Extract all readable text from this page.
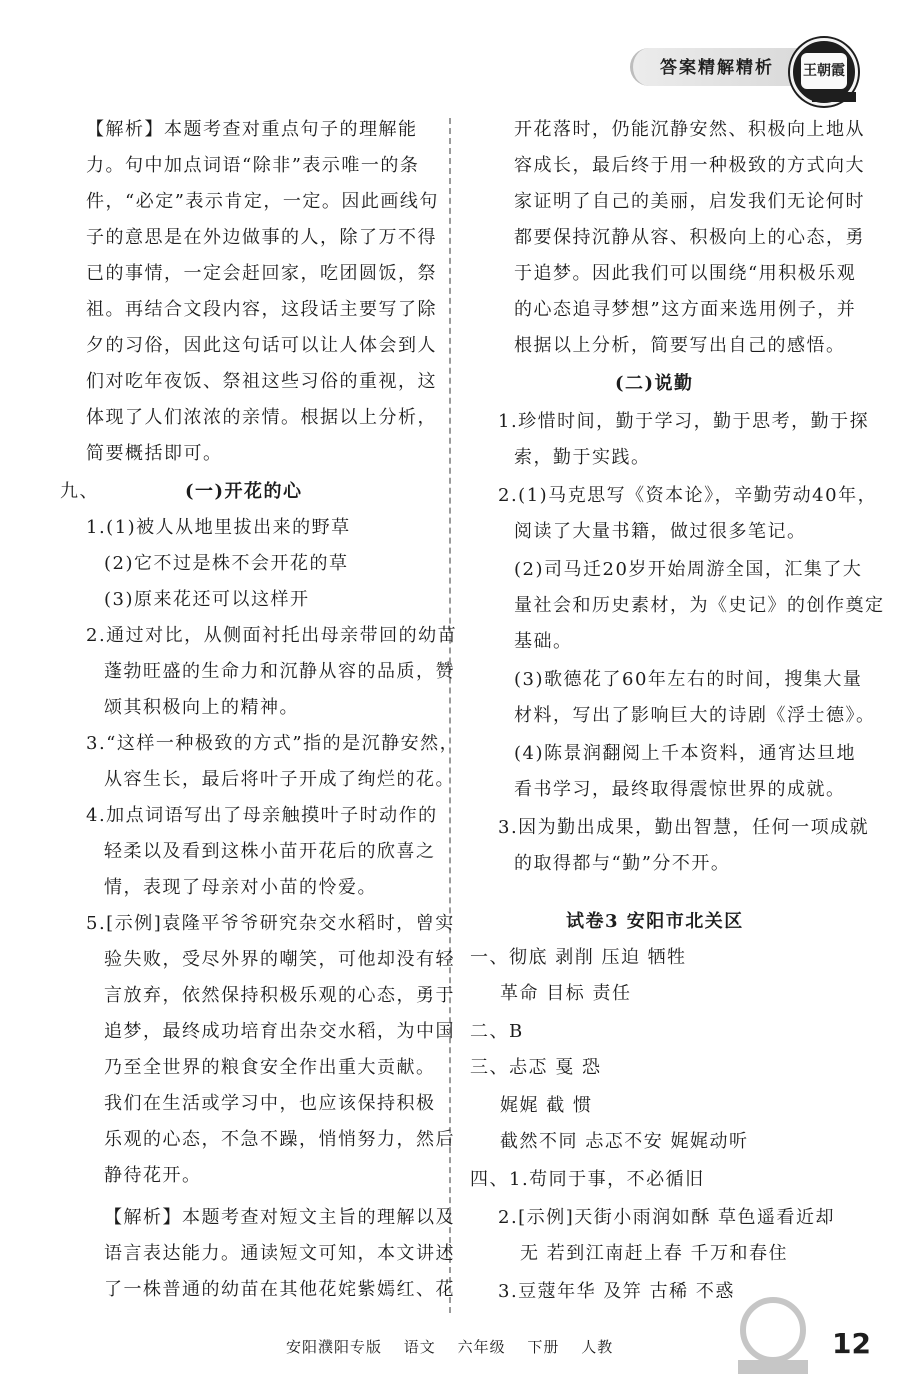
答案精解精析	王朝霞
【解析】本题考查对重点句子的理解能
力。句中加点词语“除非”表示唯一的条
件，“必定”表示肯定，一定。因此画线句
子的意思是在外边做事的人，除了万不得
已的事情，一定会赶回家，吃团圆饭，祭
祖。再结合文段内容，这段话主要写了除
夕的习俗，因此这句话可以让人体会到人
们对吃年夜饭、祭祖这些习俗的重视，这
体现了人们浓浓的亲情。根据以上分析，
简要概括即可。
九、	(一)开花的心
1.(1)被人从地里拔出来的野草
(2)它不过是株不会开花的草
(3)原来花还可以这样开
2.通过对比，从侧面衬托出母亲带回的幼苗
蓬勃旺盛的生命力和沉静从容的品质，赞
颂其积极向上的精神。
3.“这样一种极致的方式”指的是沉静安然，
从容生长，最后将叶子开成了绚烂的花。
4.加点词语写出了母亲触摸叶子时动作的
轻柔以及看到这株小苗开花后的欣喜之
情，表现了母亲对小苗的怜爱。
5.[示例]袁隆平爷爷研究杂交水稻时，曾实
验失败，受尽外界的嘲笑，可他却没有轻
言放弃，依然保持积极乐观的心态，勇于
追梦，最终成功培育出杂交水稻，为中国
乃至全世界的粮食安全作出重大贡献。
我们在生活或学习中，也应该保持积极
乐观的心态，不急不躁，悄悄努力，然后
静待花开。
【解析】本题考查对短文主旨的理解以及
语言表达能力。通读短文可知，本文讲述
了一株普通的幼苗在其他花姹紫嫣红、花
开花落时，仍能沉静安然、积极向上地从
容成长，最后终于用一种极致的方式向大
家证明了自己的美丽，启发我们无论何时
都要保持沉静从容、积极向上的心态，勇
于追梦。因此我们可以围绕“用积极乐观
的心态追寻梦想”这方面来选用例子，并
根据以上分析，简要写出自己的感悟。
(二)说勤
1.珍惜时间，勤于学习，勤于思考，勤于探
索，勤于实践。
2.(1)马克思写《资本论》，辛勤劳动40年，
阅读了大量书籍，做过很多笔记。
(2)司马迁20岁开始周游全国，汇集了大
量社会和历史素材，为《史记》的创作奠定
基础。
(3)歌德花了60年左右的时间，搜集大量
材料，写出了影响巨大的诗剧《浮士德》。
(4)陈景润翻阅上千本资料，通宵达旦地
看书学习，最终取得震惊世界的成就。
3.因为勤出成果，勤出智慧，任何一项成就
的取得都与“勤”分不开。
试卷3 安阳市北关区
一、彻底 剥削 压迫 牺牲
革命 目标 责任
二、B
三、忐忑 戛 恐
娓娓 截 惯
截然不同 忐忑不安 娓娓动听
四、1.苟同于事，不必循旧
2.[示例]天街小雨润如酥 草色遥看近却
无 若到江南赶上春 千万和春住
3.豆蔻年华 及笄 古稀 不惑
安阳濮阳专版 语文 六年级 下册 人教	12
